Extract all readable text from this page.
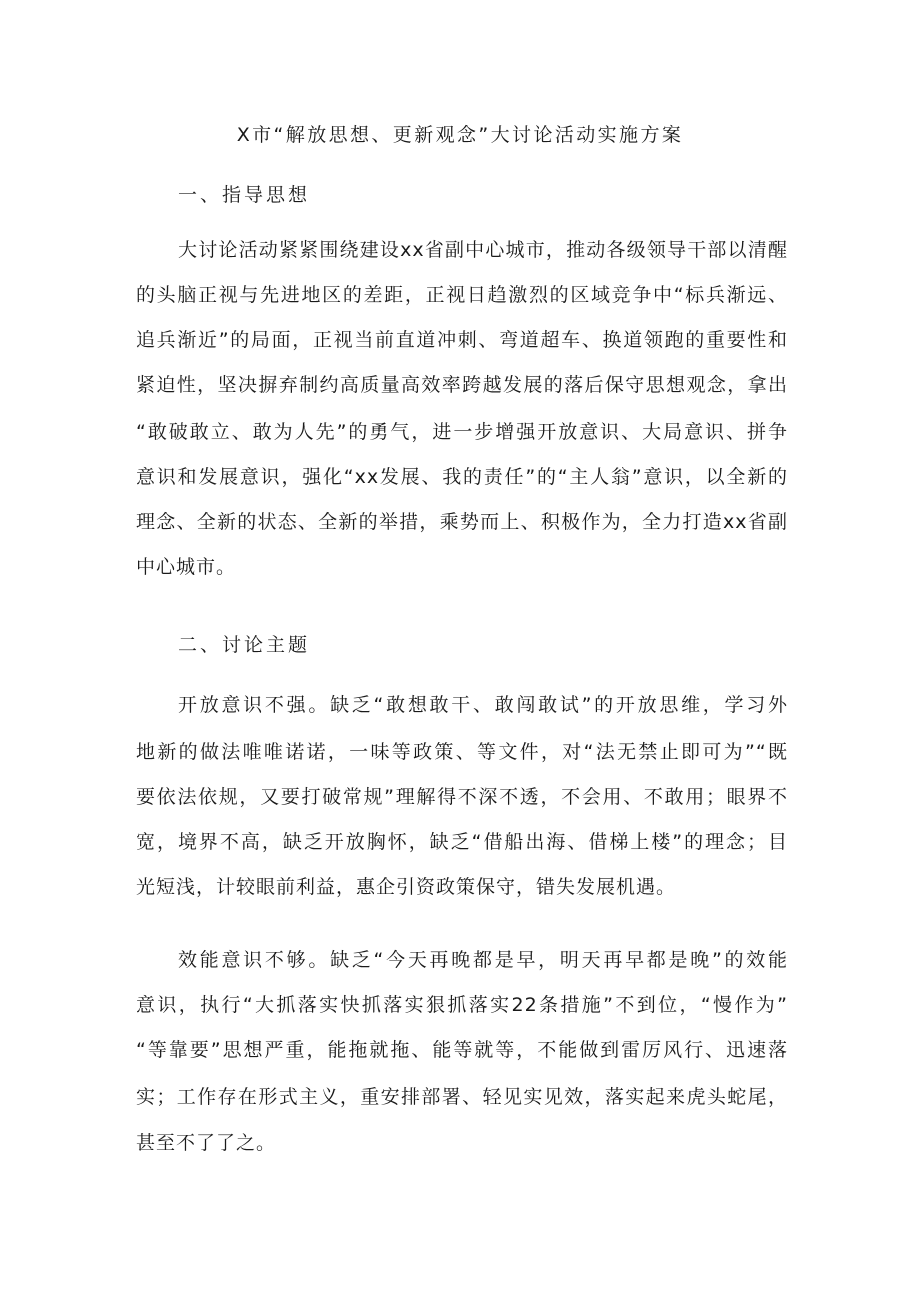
X市“解放思想、更新观念”大讨论活动实施方案
一、指导思想
大讨论活动紧紧围绕建设xx省副中心城市，推动各级领导干部以清醒
的头脑正视与先进地区的差距，正视日趋激烈的区域竞争中“标兵渐远、
追兵渐近”的局面，正视当前直道冲刺、弯道超车、换道领跑的重要性和
紧迫性，坚决摒弃制约高质量高效率跨越发展的落后保守思想观念，拿出
“敢破敢立、敢为人先”的勇气，进一步增强开放意识、大局意识、拼争
意识和发展意识，强化“xx发展、我的责任”的“主人翁”意识，以全新的
理念、全新的状态、全新的举措，乘势而上、积极作为，全力打造xx省副
中心城市。
二、讨论主题
开放意识不强。缺乏“敢想敢干、敢闯敢试”的开放思维，学习外
地新的做法唯唯诺诺，一味等政策、等文件，对“法无禁止即可为”“既
要依法依规，又要打破常规”理解得不深不透，不会用、不敢用；眼界不
宽，境界不高，缺乏开放胸怀，缺乏“借船出海、借梯上楼”的理念；目
光短浅，计较眼前利益，惠企引资政策保守，错失发展机遇。
效能意识不够。缺乏“今天再晚都是早，明天再早都是晚”的效能
意识，执行“大抓落实快抓落实狠抓落实22条措施”不到位，“慢作为”
“等靠要”思想严重，能拖就拖、能等就等，不能做到雷厉风行、迅速落
实；工作存在形式主义，重安排部署、轻见实见效，落实起来虎头蛇尾，
甚至不了了之。
